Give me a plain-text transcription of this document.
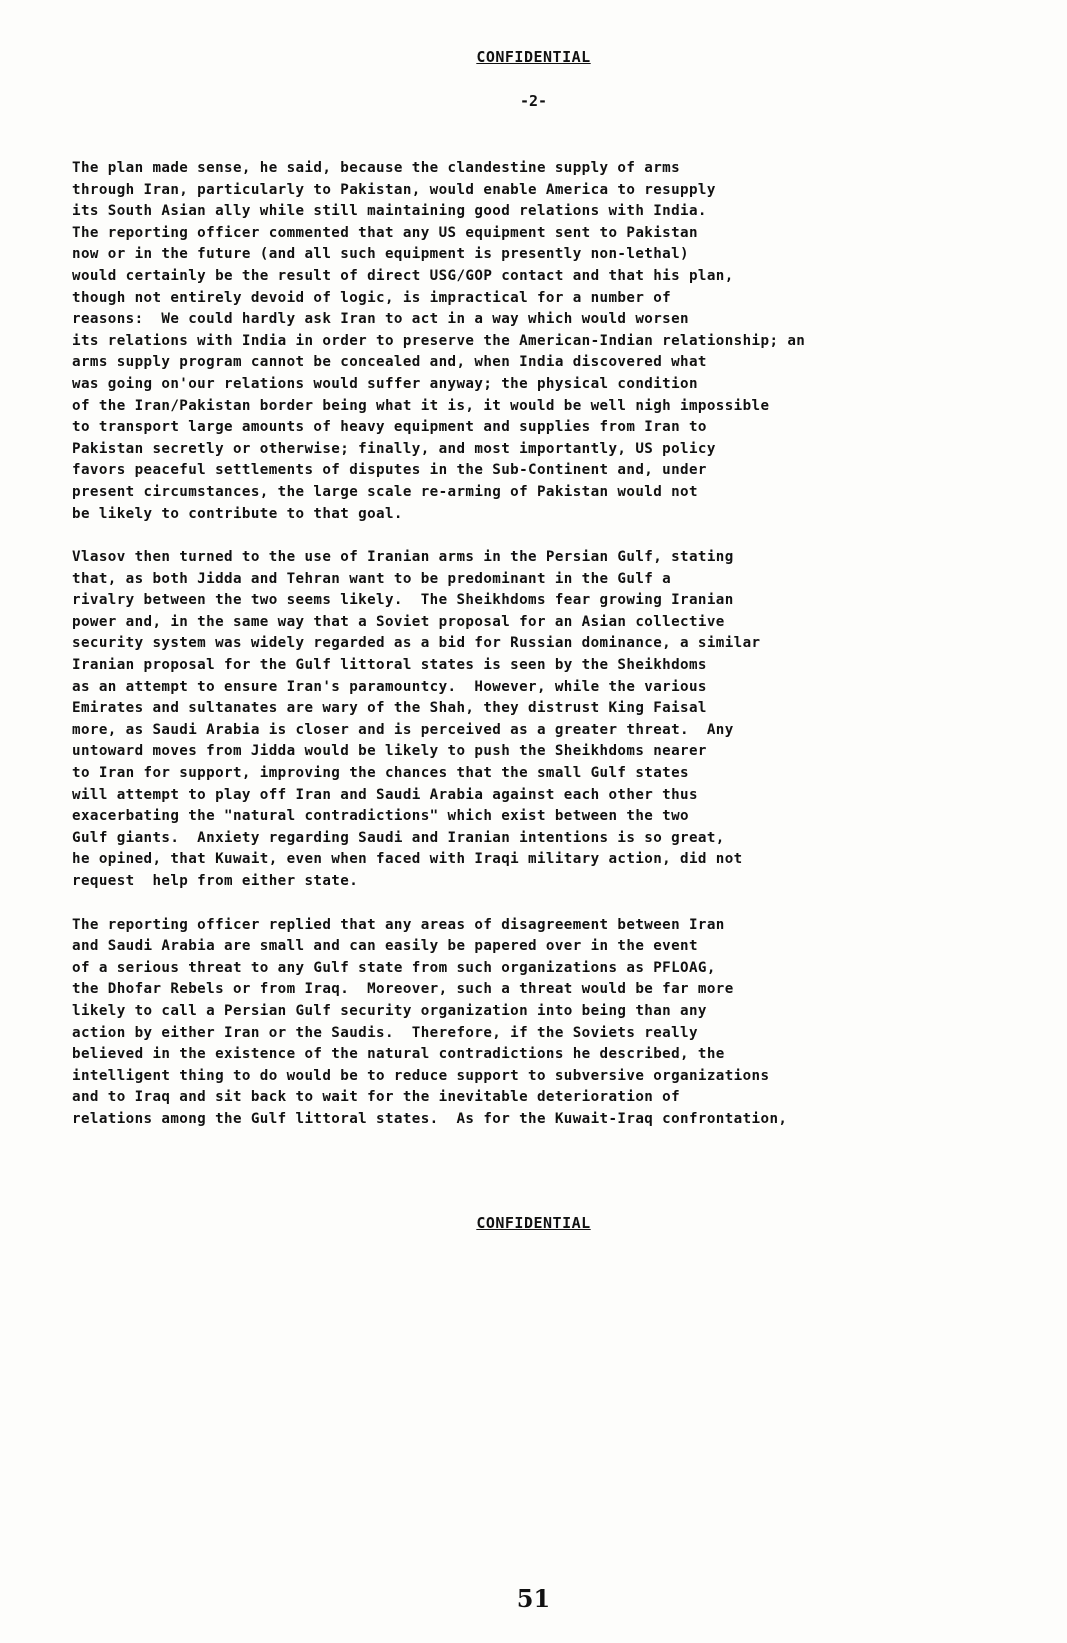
CONFIDENTIAL
-2-
The plan made sense, he said, because the clandestine supply of arms
through Iran, particularly to Pakistan, would enable America to resupply
its South Asian ally while still maintaining good relations with India.
The reporting officer commented that any US equipment sent to Pakistan
now or in the future (and all such equipment is presently non-lethal)
would certainly be the result of direct USG/GOP contact and that his plan,
though not entirely devoid of logic, is impractical for a number of
reasons:  We could hardly ask Iran to act in a way which would worsen
its relations with India in order to preserve the American-Indian relationship; an
arms supply program cannot be concealed and, when India discovered what
was going on'our relations would suffer anyway; the physical condition
of the Iran/Pakistan border being what it is, it would be well nigh impossible
to transport large amounts of heavy equipment and supplies from Iran to
Pakistan secretly or otherwise; finally, and most importantly, US policy
favors peaceful settlements of disputes in the Sub-Continent and, under
present circumstances, the large scale re-arming of Pakistan would not
be likely to contribute to that goal.
Vlasov then turned to the use of Iranian arms in the Persian Gulf, stating
that, as both Jidda and Tehran want to be predominant in the Gulf a
rivalry between the two seems likely.  The Sheikhdoms fear growing Iranian
power and, in the same way that a Soviet proposal for an Asian collective
security system was widely regarded as a bid for Russian dominance, a similar
Iranian proposal for the Gulf littoral states is seen by the Sheikhdoms
as an attempt to ensure Iran's paramountcy.  However, while the various
Emirates and sultanates are wary of the Shah, they distrust King Faisal
more, as Saudi Arabia is closer and is perceived as a greater threat.  Any
untoward moves from Jidda would be likely to push the Sheikhdoms nearer
to Iran for support, improving the chances that the small Gulf states
will attempt to play off Iran and Saudi Arabia against each other thus
exacerbating the "natural contradictions" which exist between the two
Gulf giants.  Anxiety regarding Saudi and Iranian intentions is so great,
he opined, that Kuwait, even when faced with Iraqi military action, did not
request  help from either state.
The reporting officer replied that any areas of disagreement between Iran
and Saudi Arabia are small and can easily be papered over in the event
of a serious threat to any Gulf state from such organizations as PFLOAG,
the Dhofar Rebels or from Iraq.  Moreover, such a threat would be far more
likely to call a Persian Gulf security organization into being than any
action by either Iran or the Saudis.  Therefore, if the Soviets really
believed in the existence of the natural contradictions he described, the
intelligent thing to do would be to reduce support to subversive organizations
and to Iraq and sit back to wait for the inevitable deterioration of
relations among the Gulf littoral states.  As for the Kuwait-Iraq confrontation,
CONFIDENTIAL
51
